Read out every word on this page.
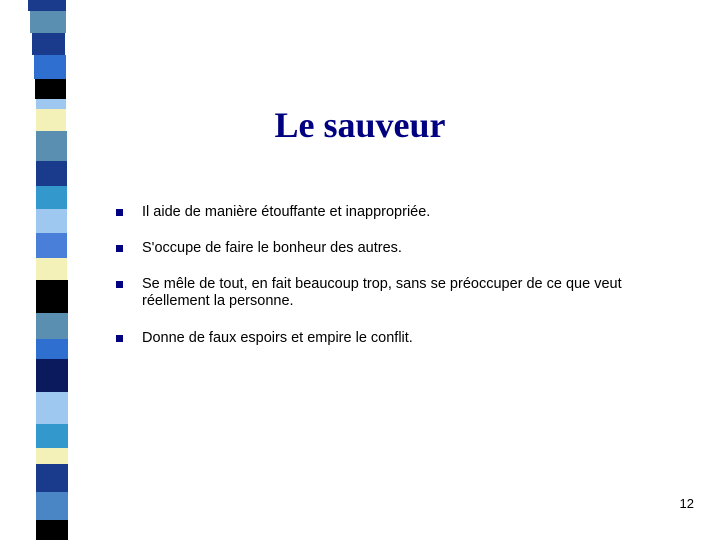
Le sauveur
Il aide de manière étouffante et inappropriée.
S'occupe de faire le bonheur des autres.
Se mêle de tout, en fait beaucoup trop, sans se préoccuper de ce que veut réellement la personne.
Donne de faux espoirs et empire le conflit.
12
